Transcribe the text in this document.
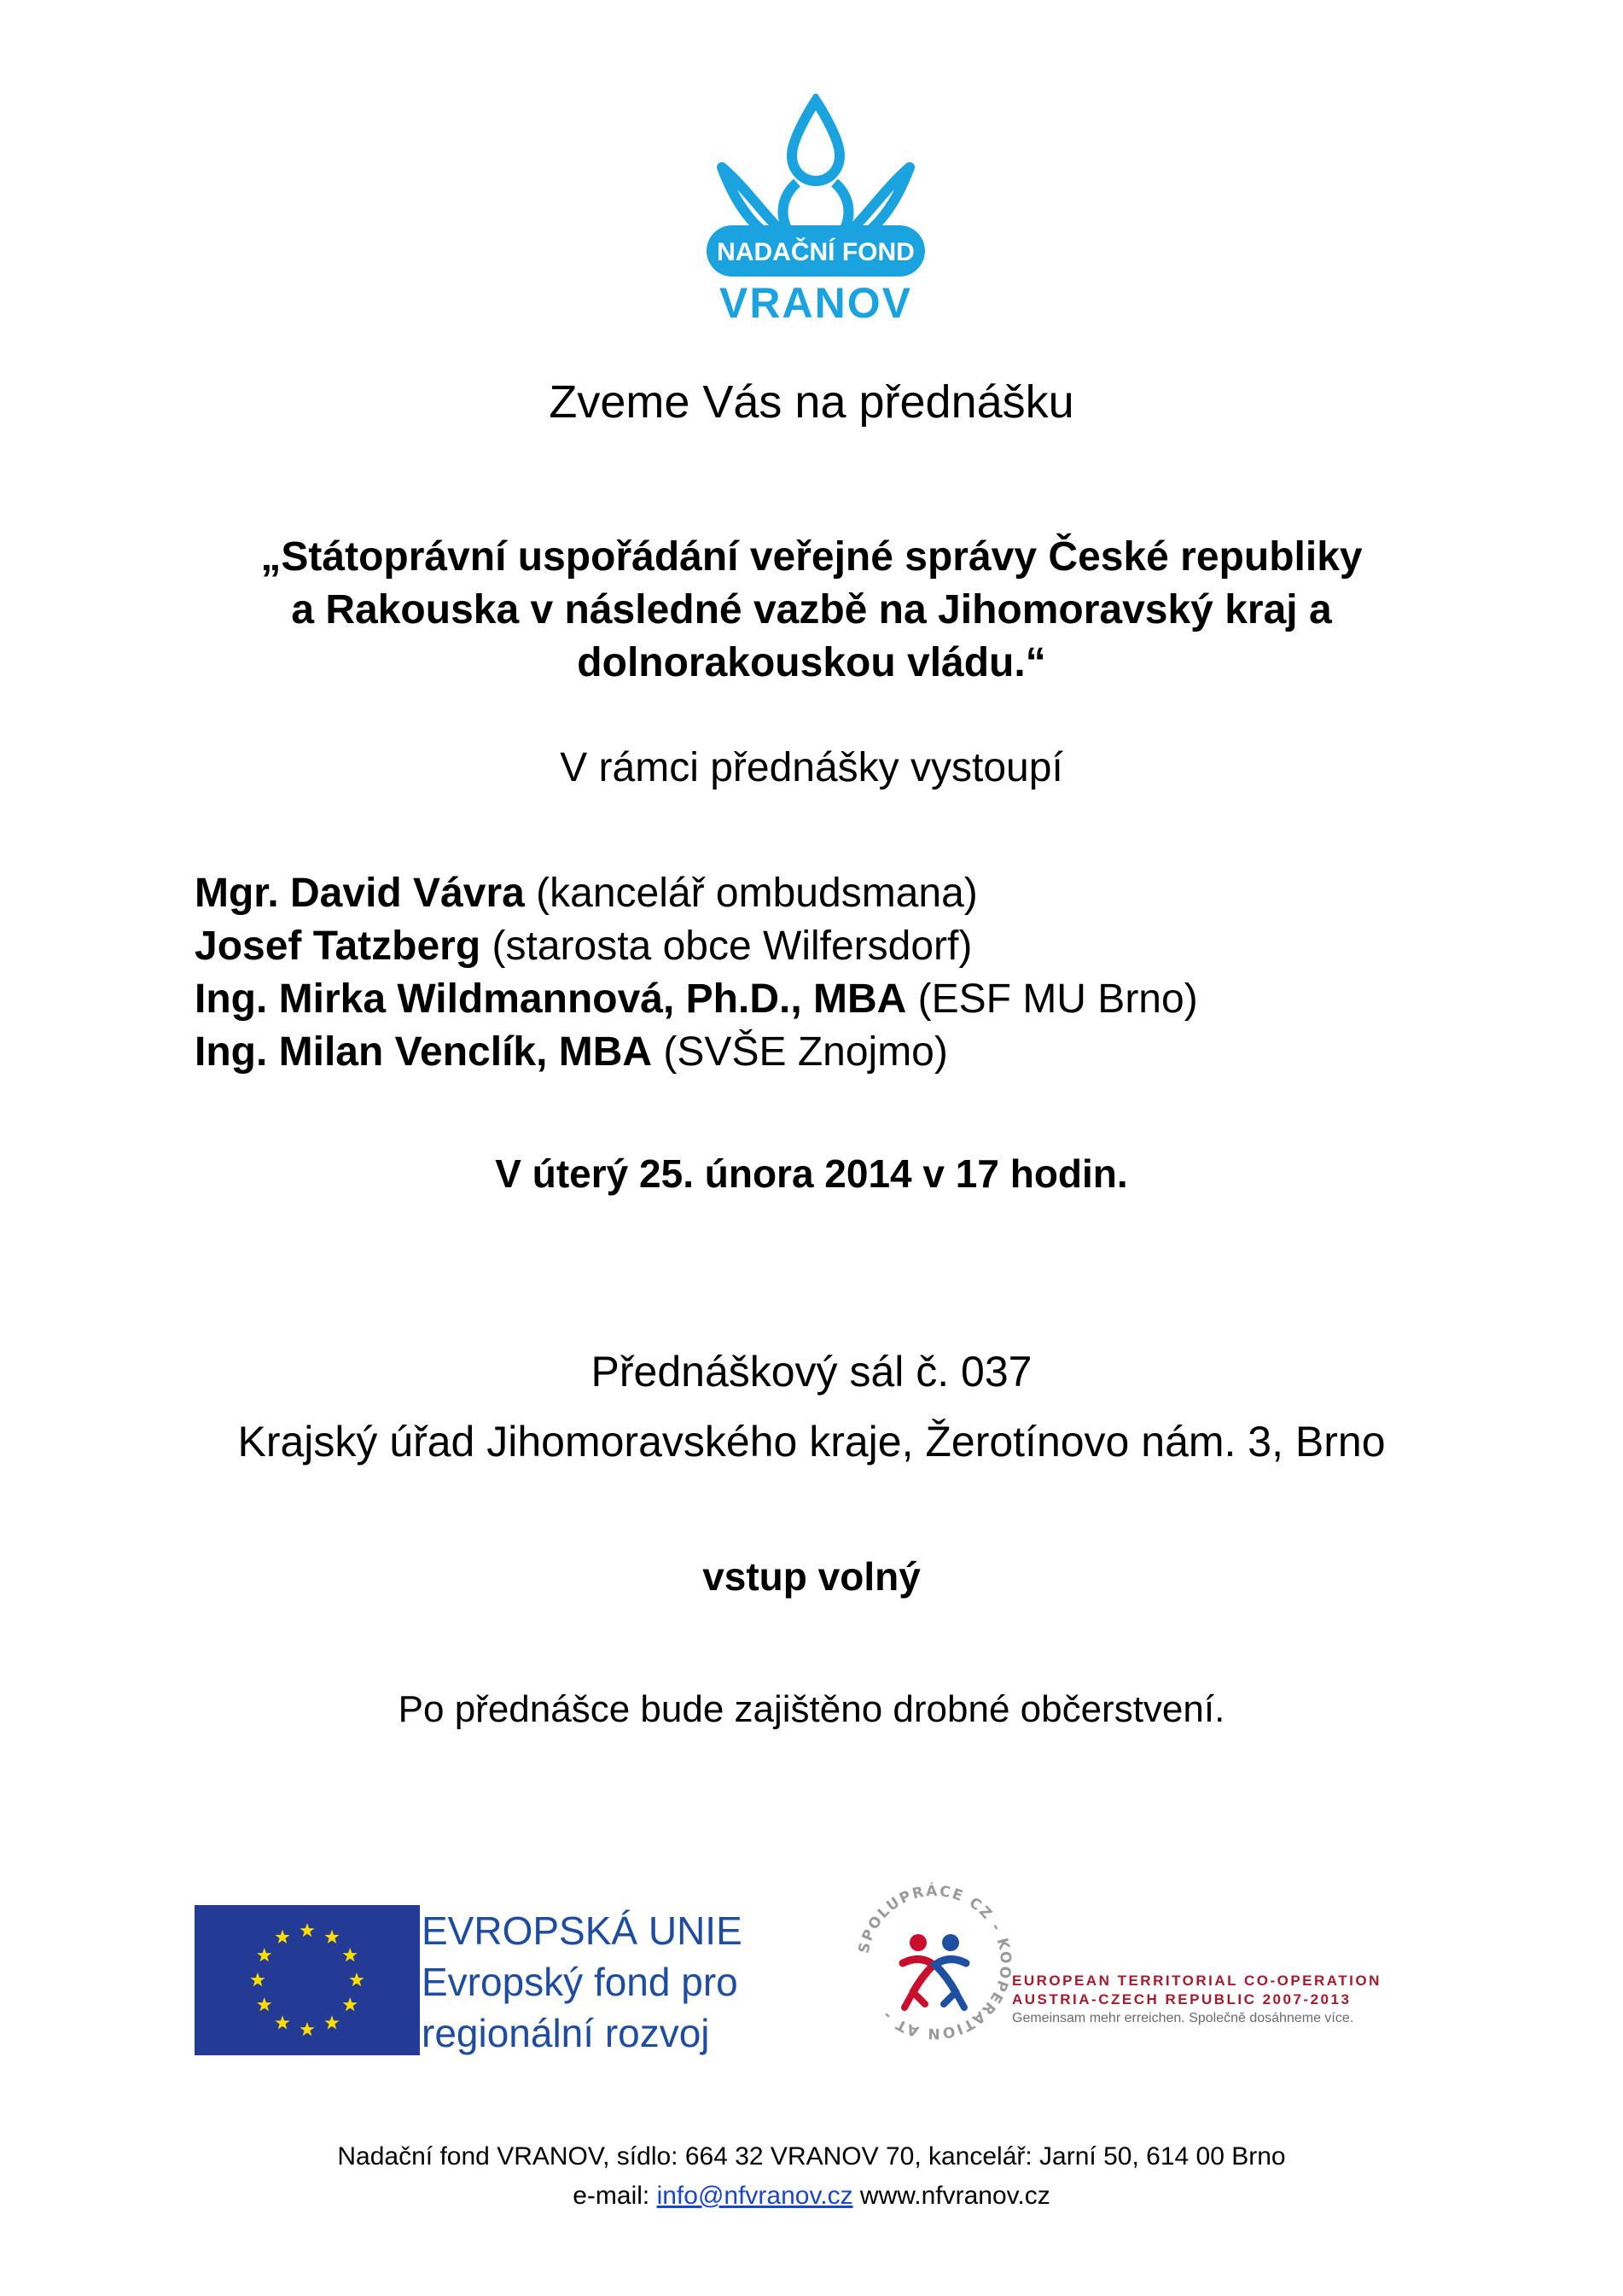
NADAČNÍ FOND
VRANOV
Zveme Vás na přednášku
„Státoprávní uspořádání veřejné správy České republiky
a Rakouska v následné vazbě na Jihomoravský kraj a
dolnorakouskou vládu.“
V rámci přednášky vystoupí
Mgr. David Vávra (kancelář ombudsmana)
Josef Tatzberg (starosta obce Wilfersdorf)
Ing. Mirka Wildmannová, Ph.D., MBA (ESF MU Brno)
Ing. Milan Venclík, MBA (SVŠE Znojmo)
V úterý 25. února 2014 v 17 hodin.
Přednáškový sál č. 037
Krajský úřad Jihomoravského kraje, Žerotínovo nám. 3, Brno
vstup volný
Po přednášce bude zajištěno drobné občerstvení.
EVROPSKÁ UNIE
Evropský fond pro
regionální rozvoj
SPOLUPRÁCE CZ - KOOPERATION AT -
EUROPEAN TERRITORIAL CO-OPERATION
AUSTRIA-CZECH REPUBLIC 2007-2013
Gemeinsam mehr erreichen. Společně dosáhneme více.
Nadační fond VRANOV, sídlo: 664 32 VRANOV 70, kancelář: Jarní 50, 614 00 Brno
e-mail: info@nfvranov.cz www.nfvranov.cz
